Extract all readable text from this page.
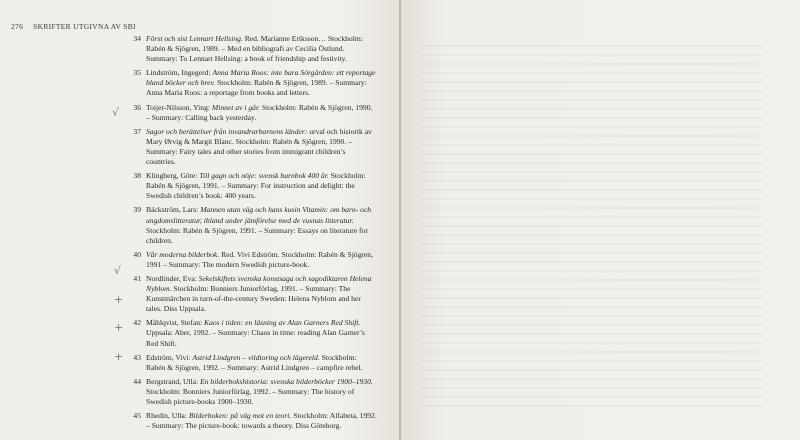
276 SKRIFTER UTGIVNA AV SBI
√
√
+
+
+
34 Först och sist Lennart Hellsing. Red. Marianne Eriksson… Stockholm: Rabén & Sjögren, 1989. – Med en bibliografi av Cecilia Östlund. Summary: To Lennart Hellsing: a book of friendship and festivity.
35 Lindström, Ingegerd: Anna Maria Roos: inte bara Sörgården: ett reportage bland böcker och brev. Stockholm: Rabén & Sjögren, 1989. – Summary: Anna Maria Roos: a reportage from books and letters.
36 Toijer-Nilsson, Ying: Minnet av i går. Stockholm: Rabén & Sjögren, 1990. – Summary: Calling back yesterday.
37 Sagor och berättelser från invandrarbarnens länder: urval och historik av Mary Ørvig & Margit Blanc. Stockholm: Rabén & Sjögren, 1990. – Summary: Fairy tales and other stories from immigrant children’s countries.
38 Klingberg, Göte: Till gagn och nöje: svensk barnbok 400 år. Stockholm: Rabén & Sjögren, 1991. – Summary: For instruction and delight: the Swedish children’s book: 400 years.
39 Bäckström, Lars: Mannen utan väg och hans kusin Vitamin: om barn- och ungdomslitteratur, ibland under jämförelse med de vuxnas litteratur. Stockholm: Rabén & Sjögren, 1991. – Summary: Essays on literature for children.
40 Vår moderna bilderbok. Red. Vivi Edström. Stockholm: Rabén & Sjögren, 1991 – Summary: The modern Swedish picture-book.
41 Nordlinder, Eva: Sekelskiftets svenska konstsaga och sagodiktaren Helena Nyblom. Stockholm: Bonniers Juniorförlag, 1991. – Summary: The Kunstmärchen in turn-of-the-century Sweden: Helena Nyblom and her tales. Diss Uppsala.
42 Måhlqvist, Stefan: Kaos i tiden: en läsning av Alan Garners Red Shift. Uppsala: Aber, 1992. – Summary: Chaos in time: reading Alan Garner’s Red Shift.
43 Edström, Vivi: Astrid Lindgren – vildtoring och lägereld. Stockholm: Rabén & Sjögren, 1992. – Summary: Astrid Lindgren – campfire rebel.
44 Bergstrand, Ulla: En bilderbokshistoria: svenska bilderböcker 1900–1930. Stockholm: Bonniers Juniorförlag, 1992. – Summary: The history of Swedish picture-books 1900–1930.
45 Rhedin, Ulla: Bilderboken: på väg mot en teori. Stockholm: Alfabeta, 1992. – Summary: The picture-book: towards a theory. Diss Göteborg.
